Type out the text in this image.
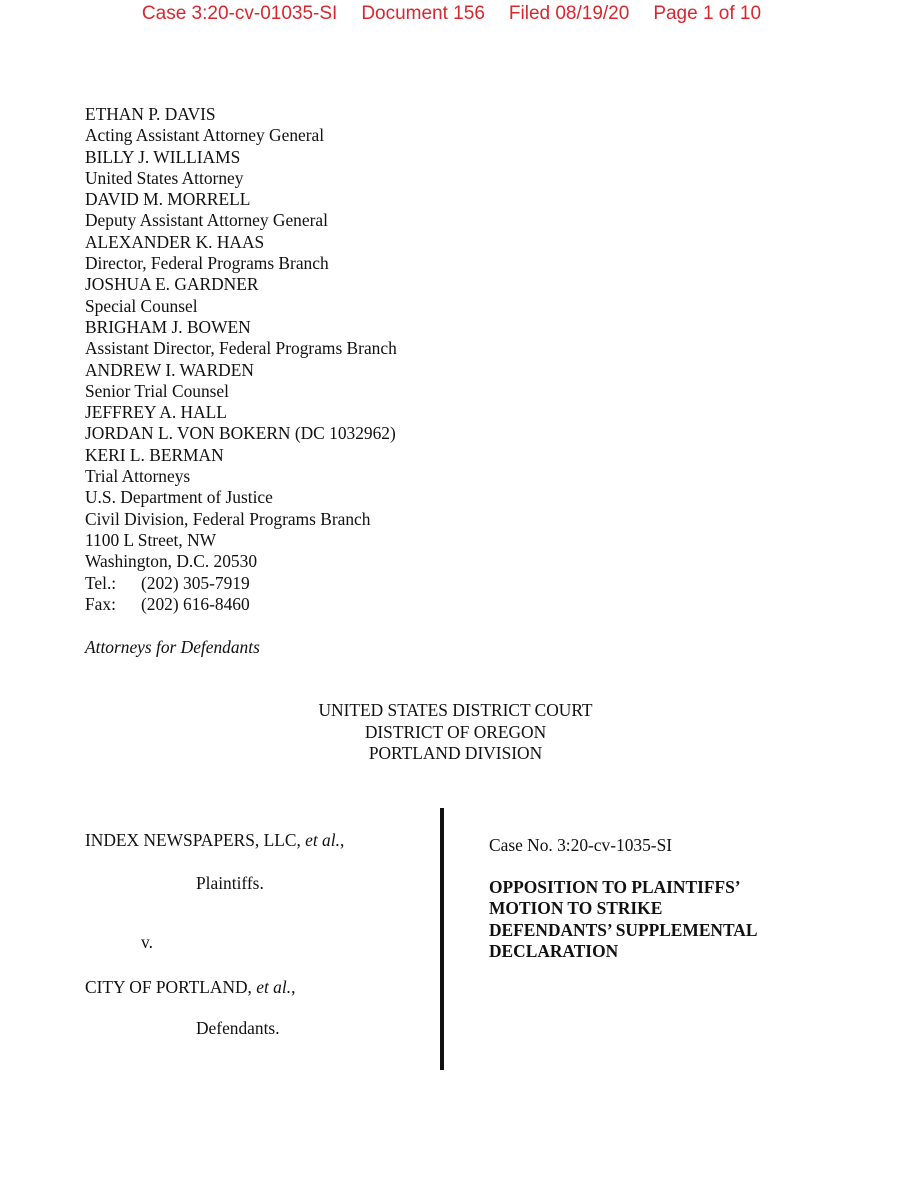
Case 3:20-cv-01035-SI Document 156 Filed 08/19/20 Page 1 of 10
ETHAN P. DAVIS
Acting Assistant Attorney General
BILLY J. WILLIAMS
United States Attorney
DAVID M. MORRELL
Deputy Assistant Attorney General
ALEXANDER K. HAAS
Director, Federal Programs Branch
JOSHUA E. GARDNER
Special Counsel
BRIGHAM J. BOWEN
Assistant Director, Federal Programs Branch
ANDREW I. WARDEN
Senior Trial Counsel
JEFFREY A. HALL
JORDAN L. VON BOKERN (DC 1032962)
KERI L. BERMAN
Trial Attorneys
U.S. Department of Justice
Civil Division, Federal Programs Branch
1100 L Street, NW
Washington, D.C. 20530
Tel.: (202) 305-7919
Fax: (202) 616-8460
Attorneys for Defendants
UNITED STATES DISTRICT COURT
DISTRICT OF OREGON
PORTLAND DIVISION
INDEX NEWSPAPERS, LLC, et al.,
Plaintiffs.
v.
CITY OF PORTLAND, et al.,
Defendants.
Case No. 3:20-cv-1035-SI
OPPOSITION TO PLAINTIFFS’
MOTION TO STRIKE
DEFENDANTS’ SUPPLEMENTAL
DECLARATION
